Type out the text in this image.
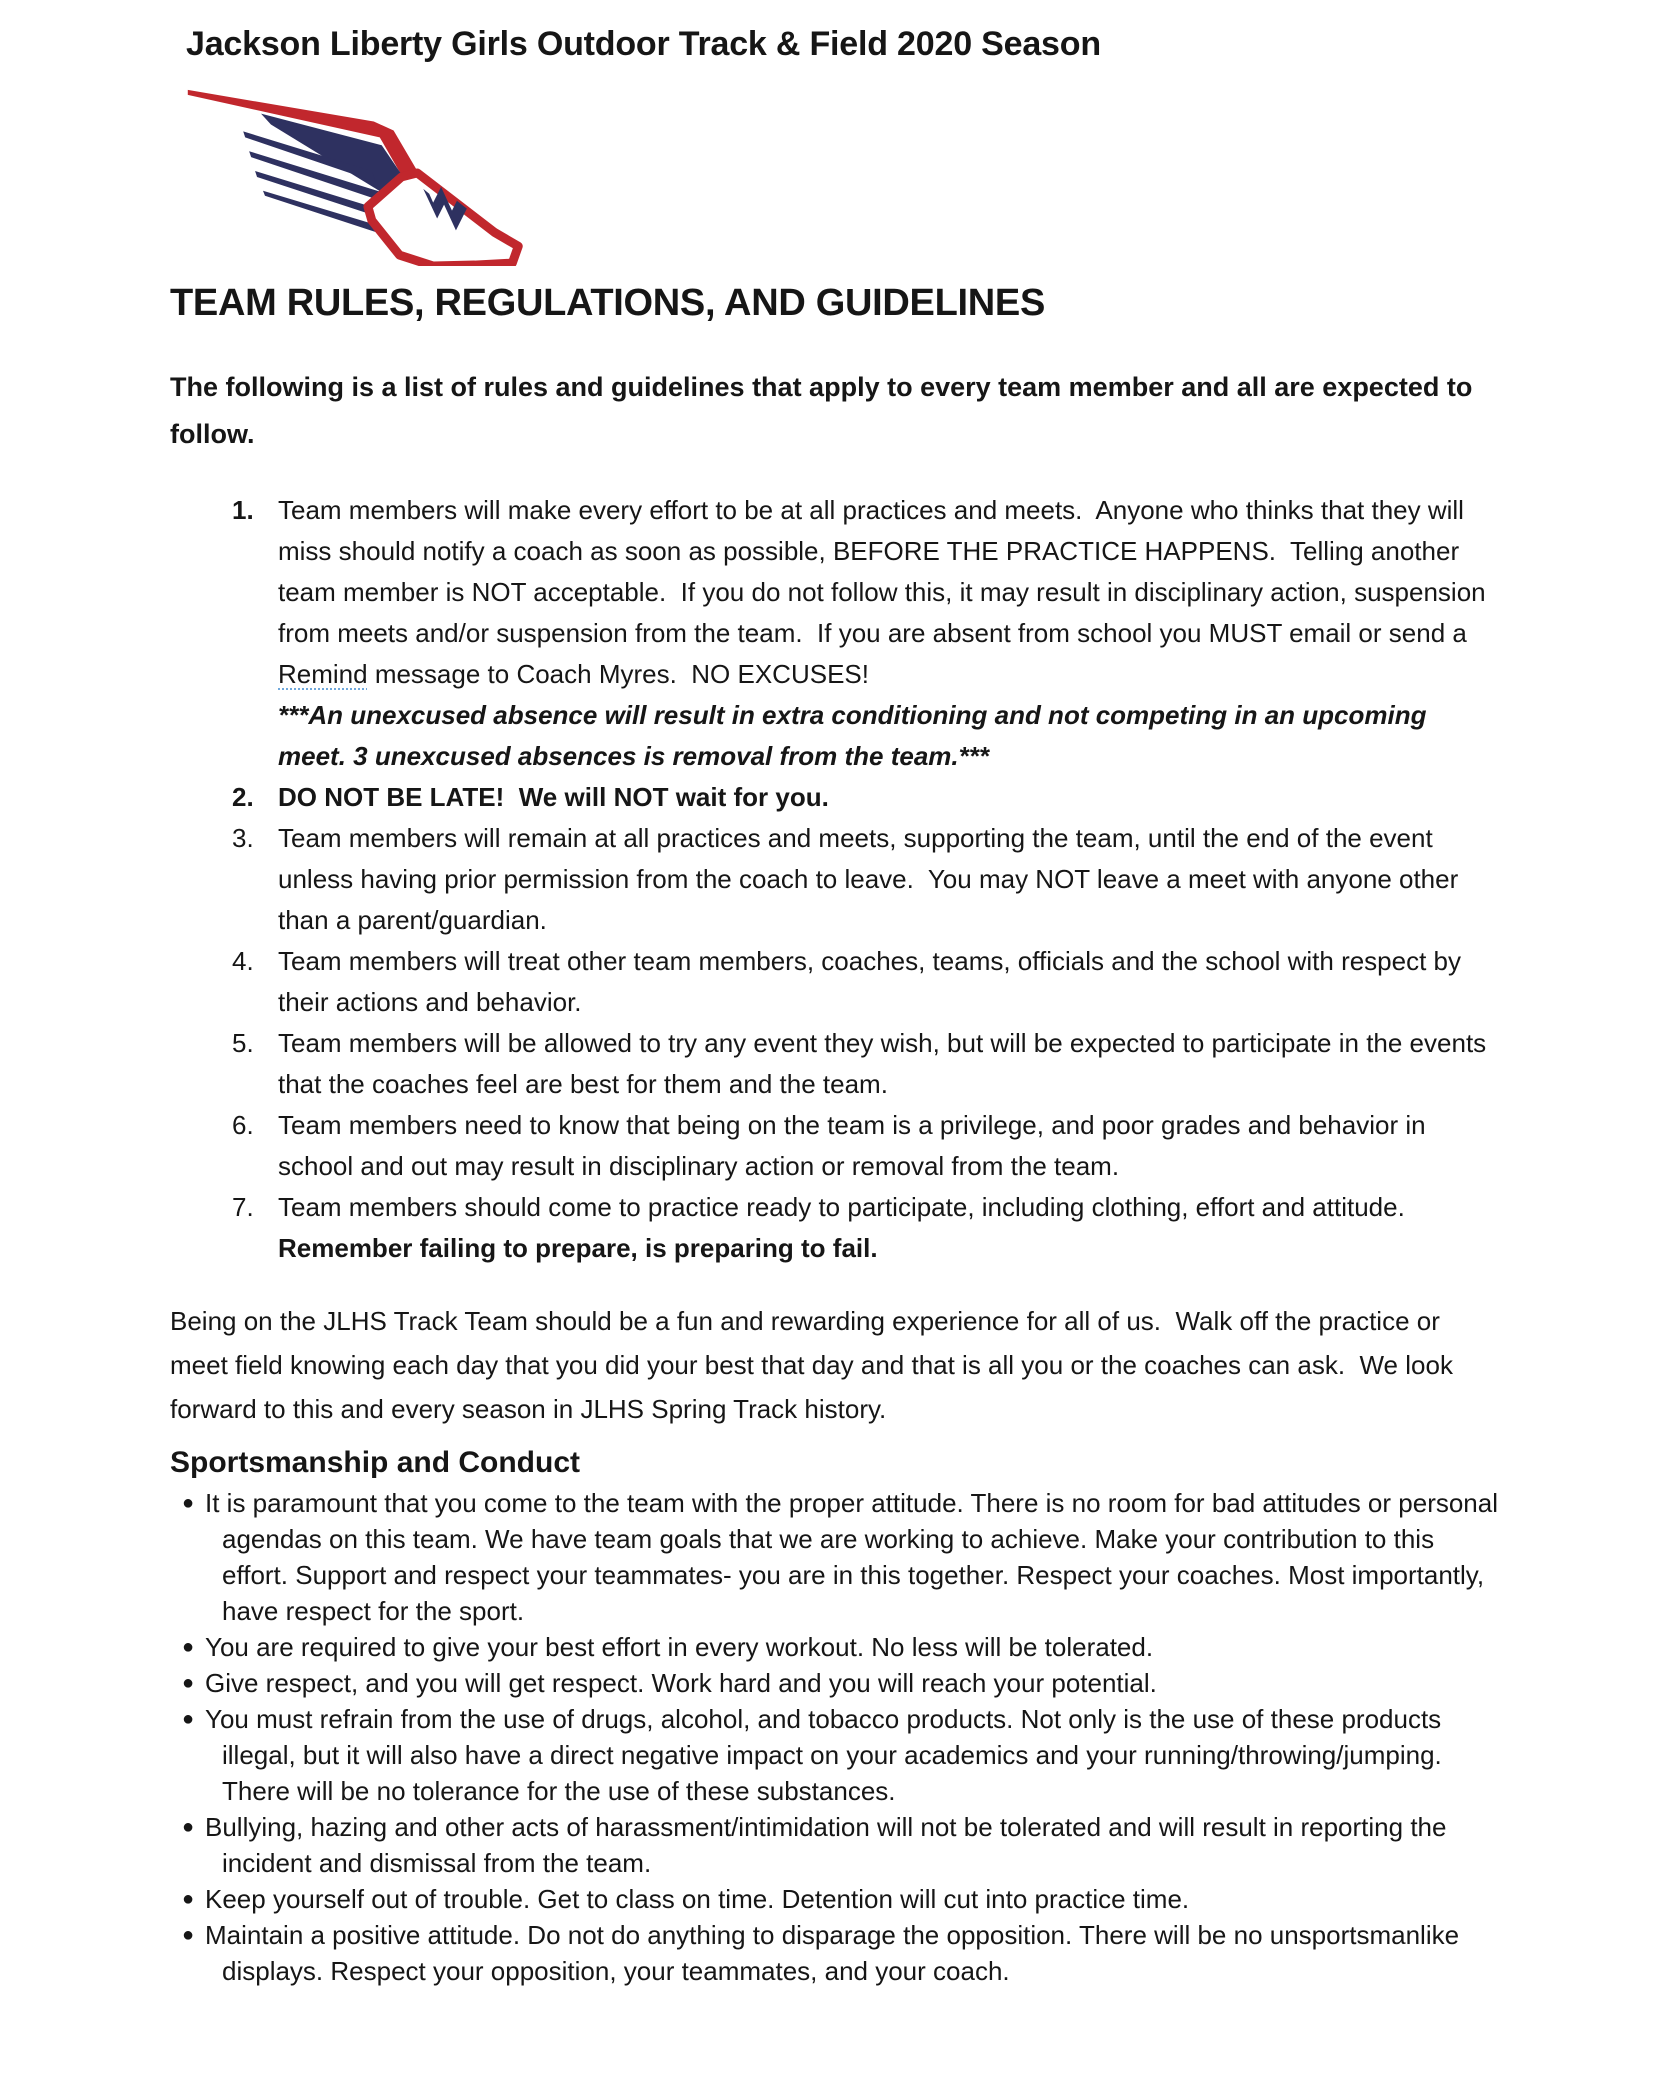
Jackson Liberty Girls Outdoor Track & Field 2020 Season
TEAM RULES, REGULATIONS, AND GUIDELINES

The following is a list of rules and guidelines that apply to every team member and all are expected to follow.

1. Team members will make every effort to be at all practices and meets.  Anyone who thinks that they will miss should notify a coach as soon as possible, BEFORE THE PRACTICE HAPPENS.  Telling another team member is NOT acceptable.  If you do not follow this, it may result in disciplinary action, suspension from meets and/or suspension from the team.  If you are absent from school you MUST email or send a Remind message to Coach Myres.  NO EXCUSES!
***An unexcused absence will result in extra conditioning and not competing in an upcoming meet. 3 unexcused absences is removal from the team.***
2. DO NOT BE LATE!  We will NOT wait for you.
3. Team members will remain at all practices and meets, supporting the team, until the end of the event unless having prior permission from the coach to leave.  You may NOT leave a meet with anyone other than a parent/guardian.
4. Team members will treat other team members, coaches, teams, officials and the school with respect by their actions and behavior.
5. Team members will be allowed to try any event they wish, but will be expected to participate in the events that the coaches feel are best for them and the team.
6. Team members need to know that being on the team is a privilege, and poor grades and behavior in school and out may result in disciplinary action or removal from the team.
7. Team members should come to practice ready to participate, including clothing, effort and attitude.  Remember failing to prepare, is preparing to fail.

Being on the JLHS Track Team should be a fun and rewarding experience for all of us.  Walk off the practice or meet field knowing each day that you did your best that day and that is all you or the coaches can ask.  We look forward to this and every season in JLHS Spring Track history.

Sportsmanship and Conduct
● It is paramount that you come to the team with the proper attitude. There is no room for bad attitudes or personal agendas on this team. We have team goals that we are working to achieve. Make your contribution to this effort. Support and respect your teammates- you are in this together. Respect your coaches. Most importantly, have respect for the sport.
● You are required to give your best effort in every workout. No less will be tolerated.
● Give respect, and you will get respect. Work hard and you will reach your potential.
● You must refrain from the use of drugs, alcohol, and tobacco products. Not only is the use of these products illegal, but it will also have a direct negative impact on your academics and your running/throwing/jumping. There will be no tolerance for the use of these substances.
● Bullying, hazing and other acts of harassment/intimidation will not be tolerated and will result in reporting the incident and dismissal from the team.
● Keep yourself out of trouble. Get to class on time. Detention will cut into practice time.
● Maintain a positive attitude. Do not do anything to disparage the opposition. There will be no unsportsmanlike displays. Respect your opposition, your teammates, and your coach.
